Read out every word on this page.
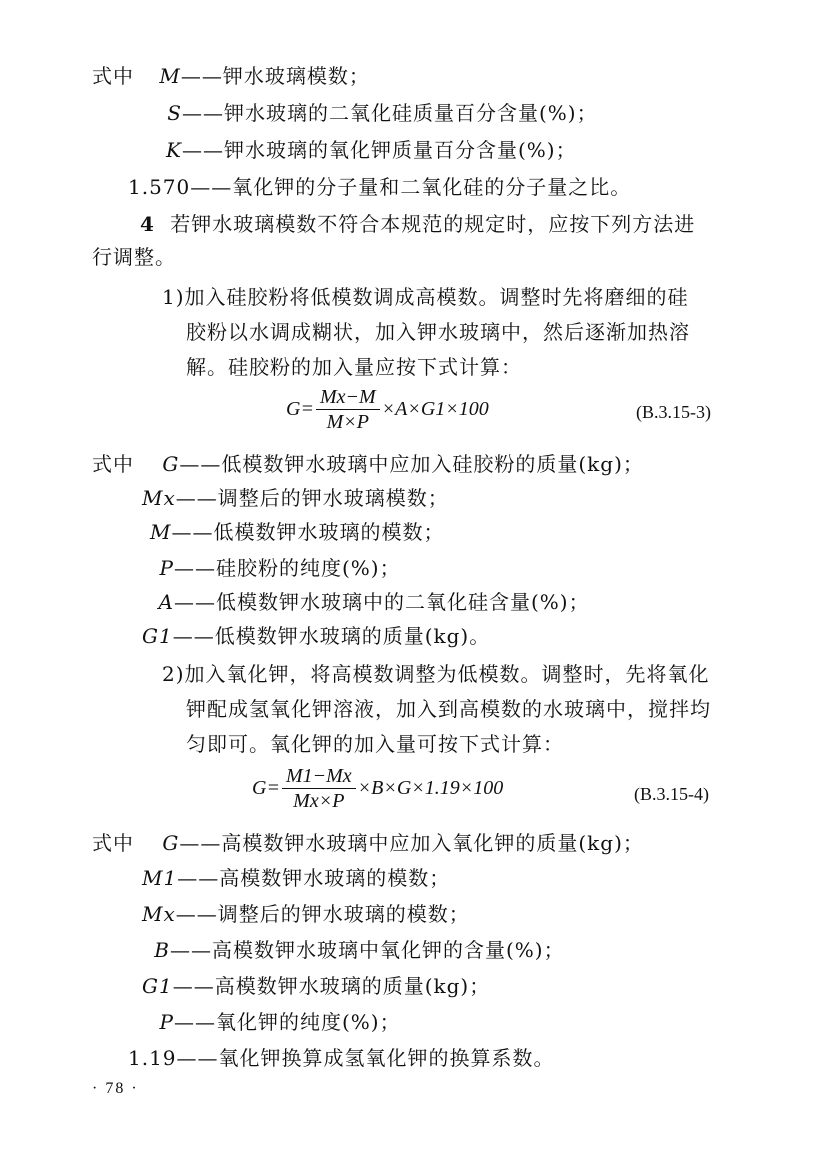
式中 M——钾水玻璃模数；
S——钾水玻璃的二氧化硅质量百分含量(%)；
K——钾水玻璃的氧化钾质量百分含量(%)；
1.570——氧化钾的分子量和二氧化硅的分子量之比。
4 若钾水玻璃模数不符合本规范的规定时，应按下列方法进
行调整。
1)加入硅胶粉将低模数调成高模数。调整时先将磨细的硅
胶粉以水调成糊状，加入钾水玻璃中，然后逐渐加热溶
解。硅胶粉的加入量应按下式计算：
$G= \frac{Mx-M}{M\times P} \times A\times G1\times 100$	(B.3.15-3)
式中 G——低模数钾水玻璃中应加入硅胶粉的质量(kg)；
Mx——调整后的钾水玻璃模数；
M——低模数钾水玻璃的模数；
P——硅胶粉的纯度(%)；
A——低模数钾水玻璃中的二氧化硅含量(%)；
G1——低模数钾水玻璃的质量(kg)。
2)加入氧化钾，将高模数调整为低模数。调整时，先将氧化
钾配成氢氧化钾溶液，加入到高模数的水玻璃中，搅拌均
匀即可。氧化钾的加入量可按下式计算：
$G= \frac{M1-Mx}{Mx\times P} \times B\times G\times 1.19\times 100$	(B.3.15-4)
式中 G——高模数钾水玻璃中应加入氧化钾的质量(kg)；
M1——高模数钾水玻璃的模数；
Mx——调整后的钾水玻璃的模数；
B——高模数钾水玻璃中氧化钾的含量(%)；
G1——高模数钾水玻璃的质量(kg)；
P——氧化钾的纯度(%)；
1.19——氧化钾换算成氢氧化钾的换算系数。
· 78 ·
